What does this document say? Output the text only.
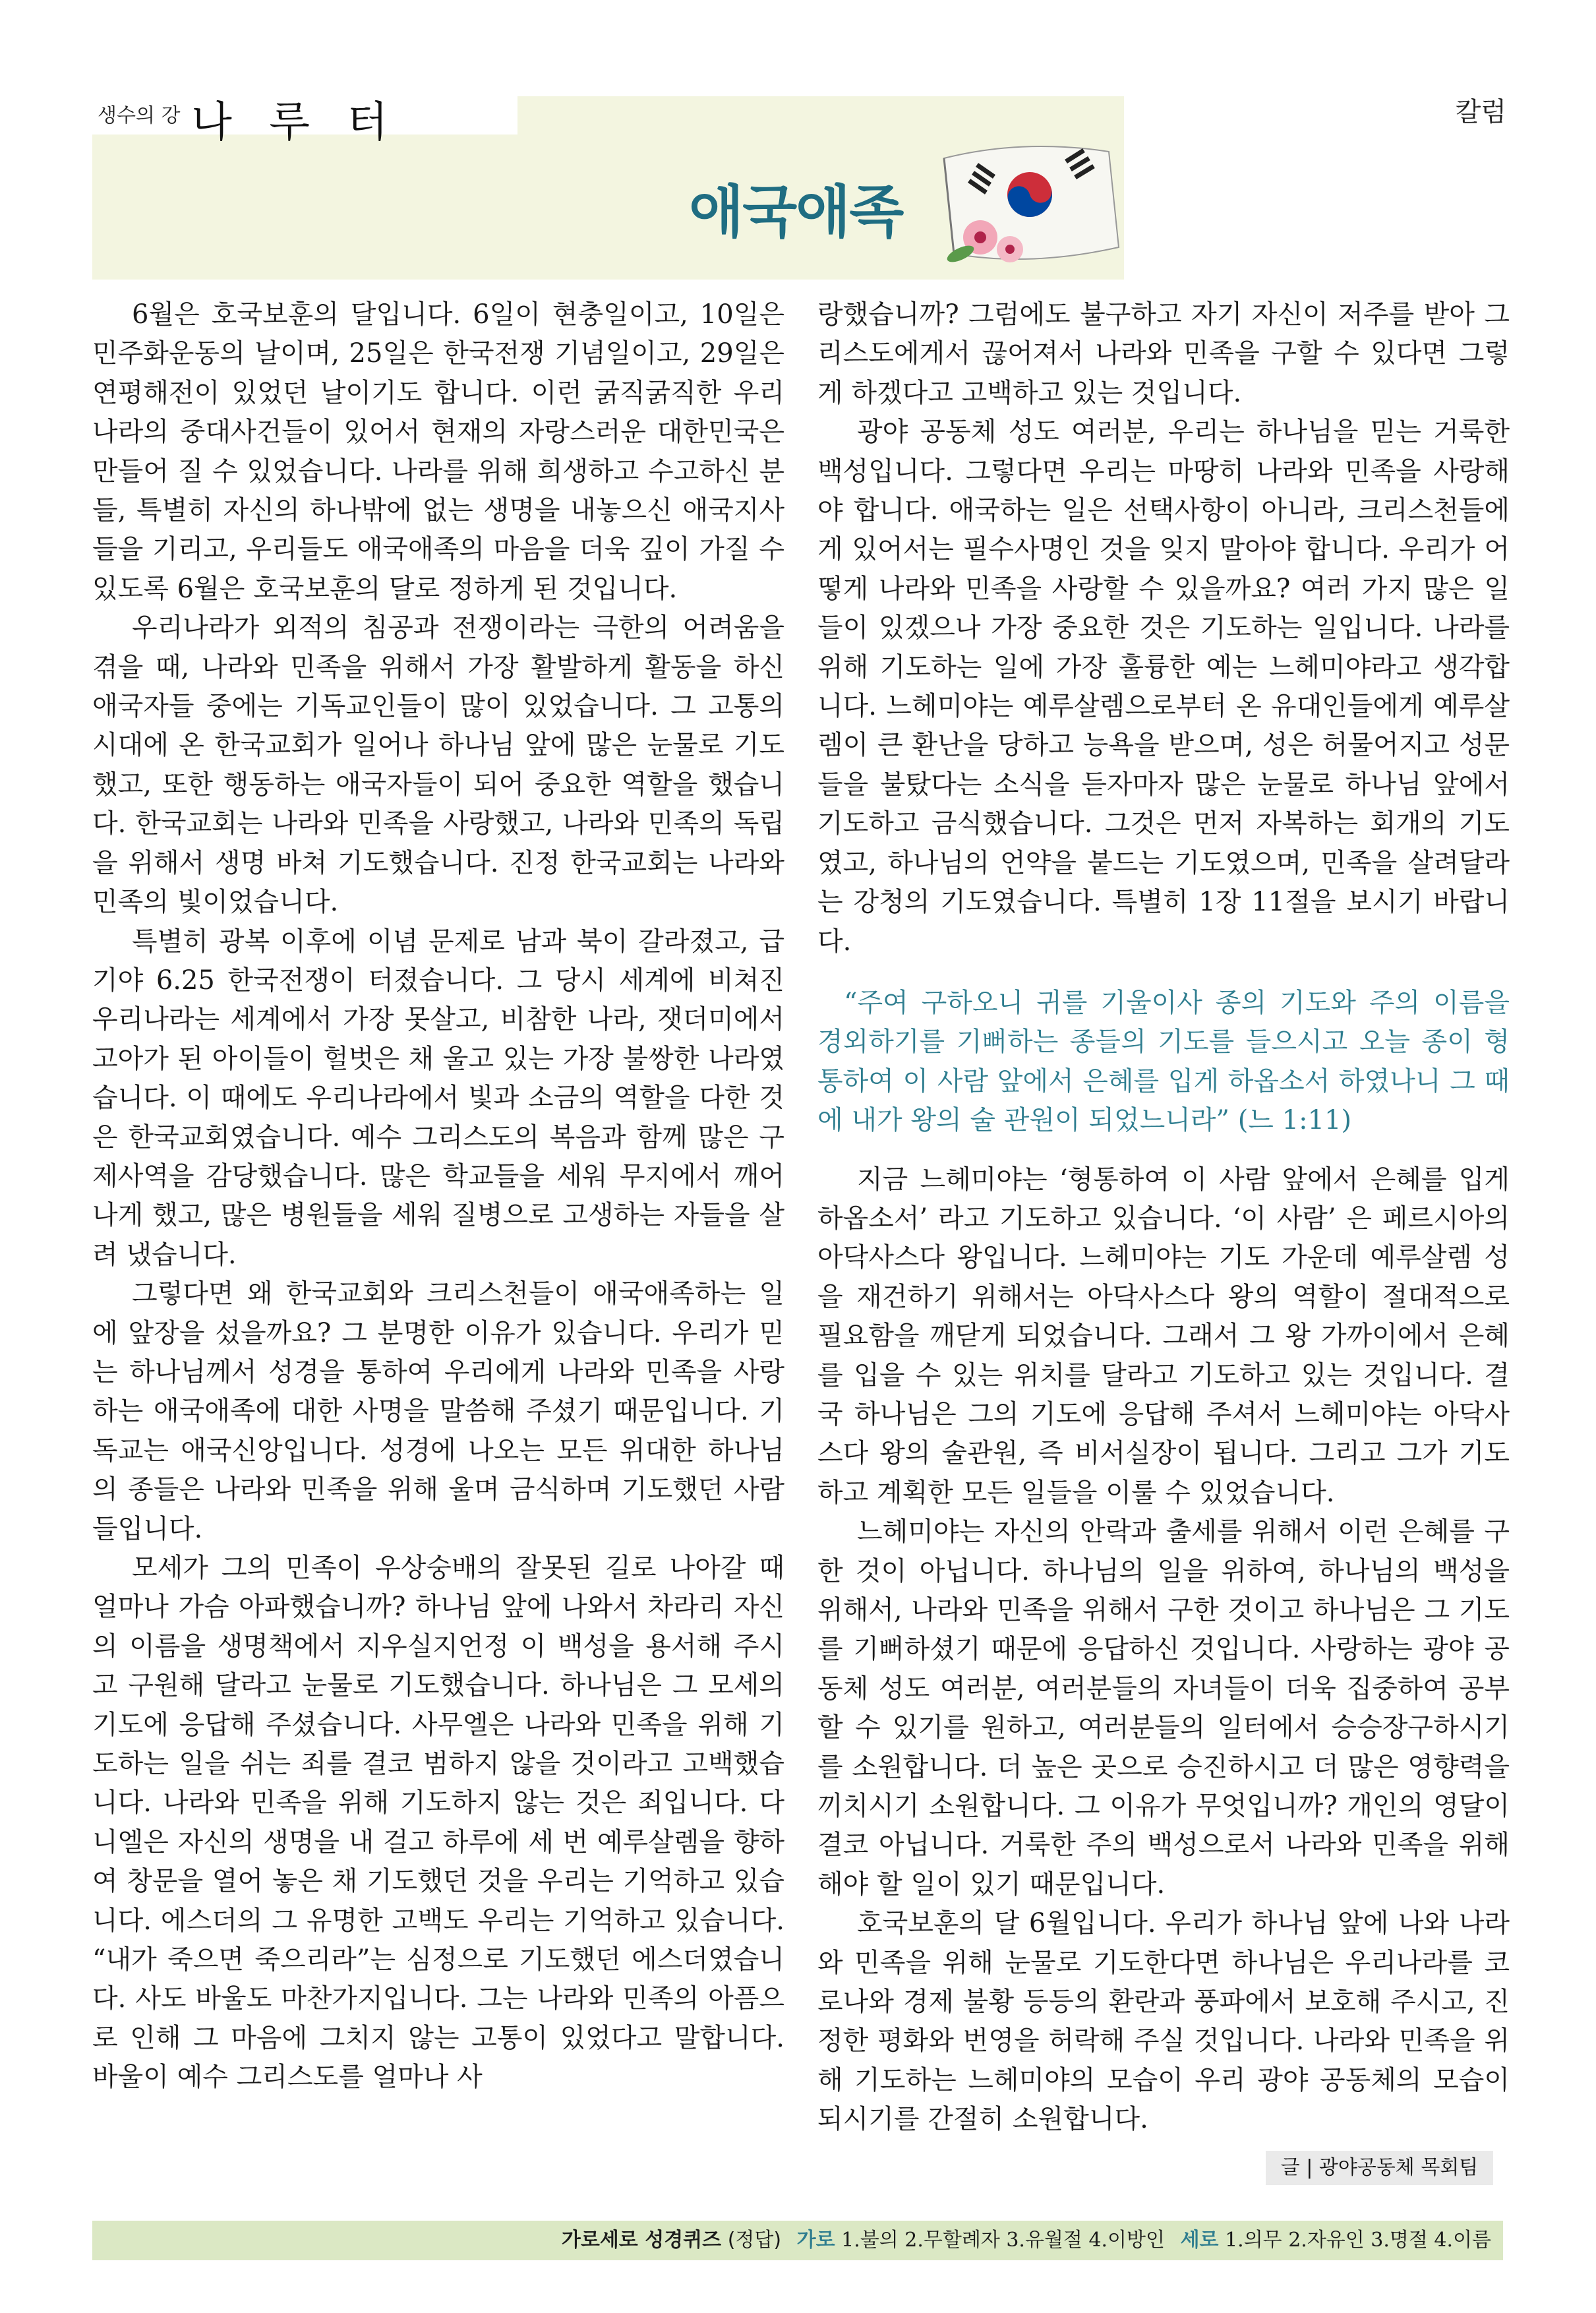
생수의 강 나 루 터	칼럼
애국애족

6월은 호국보훈의 달입니다. 6일이 현충일이고, 10일은 민주화운동의 날이며, 25일은 한국전쟁 기념일이고, 29일은 연평해전이 있었던 날이기도 합니다. 이런 굵직굵직한 우리나라의 중대사건들이 있어서 현재의 자랑스러운 대한민국은 만들어 질 수 있었습니다. 나라를 위해 희생하고 수고하신 분들, 특별히 자신의 하나밖에 없는 생명을 내놓으신 애국지사들을 기리고, 우리들도 애국애족의 마음을 더욱 깊이 가질 수 있도록 6월은 호국보훈의 달로 정하게 된 것입니다.

우리나라가 외적의 침공과 전쟁이라는 극한의 어려움을 겪을 때, 나라와 민족을 위해서 가장 활발하게 활동을 하신 애국자들 중에는 기독교인들이 많이 있었습니다. 그 고통의 시대에 온 한국교회가 일어나 하나님 앞에 많은 눈물로 기도했고, 또한 행동하는 애국자들이 되어 중요한 역할을 했습니다. 한국교회는 나라와 민족을 사랑했고, 나라와 민족의 독립을 위해서 생명 바쳐 기도했습니다. 진정 한국교회는 나라와 민족의 빛이었습니다.

특별히 광복 이후에 이념 문제로 남과 북이 갈라졌고, 급기야 6.25 한국전쟁이 터졌습니다. 그 당시 세계에 비쳐진 우리나라는 세계에서 가장 못살고, 비참한 나라, 잿더미에서 고아가 된 아이들이 헐벗은 채 울고 있는 가장 불쌍한 나라였습니다. 이 때에도 우리나라에서 빛과 소금의 역할을 다한 것은 한국교회였습니다. 예수 그리스도의 복음과 함께 많은 구제사역을 감당했습니다. 많은 학교들을 세워 무지에서 깨어나게 했고, 많은 병원들을 세워 질병으로 고생하는 자들을 살려 냈습니다.

그렇다면 왜 한국교회와 크리스천들이 애국애족하는 일에 앞장을 섰을까요? 그 분명한 이유가 있습니다. 우리가 믿는 하나님께서 성경을 통하여 우리에게 나라와 민족을 사랑하는 애국애족에 대한 사명을 말씀해 주셨기 때문입니다. 기독교는 애국신앙입니다. 성경에 나오는 모든 위대한 하나님의 종들은 나라와 민족을 위해 울며 금식하며 기도했던 사람들입니다.

모세가 그의 민족이 우상숭배의 잘못된 길로 나아갈 때 얼마나 가슴 아파했습니까? 하나님 앞에 나와서 차라리 자신의 이름을 생명책에서 지우실지언정 이 백성을 용서해 주시고 구원해 달라고 눈물로 기도했습니다. 하나님은 그 모세의 기도에 응답해 주셨습니다. 사무엘은 나라와 민족을 위해 기도하는 일을 쉬는 죄를 결코 범하지 않을 것이라고 고백했습니다. 나라와 민족을 위해 기도하지 않는 것은 죄입니다. 다니엘은 자신의 생명을 내 걸고 하루에 세 번 예루살렘을 향하여 창문을 열어 놓은 채 기도했던 것을 우리는 기억하고 있습니다. 에스더의 그 유명한 고백도 우리는 기억하고 있습니다. “내가 죽으면 죽으리라”는 심정으로 기도했던 에스더였습니다. 사도 바울도 마찬가지입니다. 그는 나라와 민족의 아픔으로 인해 그 마음에 그치지 않는 고통이 있었다고 말합니다. 바울이 예수 그리스도를 얼마나 사

랑했습니까? 그럼에도 불구하고 자기 자신이 저주를 받아 그리스도에게서 끊어져서 나라와 민족을 구할 수 있다면 그렇게 하겠다고 고백하고 있는 것입니다.

광야 공동체 성도 여러분, 우리는 하나님을 믿는 거룩한 백성입니다. 그렇다면 우리는 마땅히 나라와 민족을 사랑해야 합니다. 애국하는 일은 선택사항이 아니라, 크리스천들에게 있어서는 필수사명인 것을 잊지 말아야 합니다. 우리가 어떻게 나라와 민족을 사랑할 수 있을까요? 여러 가지 많은 일들이 있겠으나 가장 중요한 것은 기도하는 일입니다. 나라를 위해 기도하는 일에 가장 훌륭한 예는 느헤미야라고 생각합니다. 느헤미야는 예루살렘으로부터 온 유대인들에게 예루살렘이 큰 환난을 당하고 능욕을 받으며, 성은 허물어지고 성문들을 불탔다는 소식을 듣자마자 많은 눈물로 하나님 앞에서 기도하고 금식했습니다. 그것은 먼저 자복하는 회개의 기도였고, 하나님의 언약을 붙드는 기도였으며, 민족을 살려달라는 강청의 기도였습니다. 특별히 1장 11절을 보시기 바랍니다.

“주여 구하오니 귀를 기울이사 종의 기도와 주의 이름을 경외하기를 기뻐하는 종들의 기도를 들으시고 오늘 종이 형통하여 이 사람 앞에서 은혜를 입게 하옵소서 하였나니 그 때에 내가 왕의 술 관원이 되었느니라” (느 1:11)

지금 느헤미야는 ‘형통하여 이 사람 앞에서 은혜를 입게 하옵소서’ 라고 기도하고 있습니다. ‘이 사람’ 은 페르시아의 아닥사스다 왕입니다. 느헤미야는 기도 가운데 예루살렘 성을 재건하기 위해서는 아닥사스다 왕의 역할이 절대적으로 필요함을 깨닫게 되었습니다. 그래서 그 왕 가까이에서 은혜를 입을 수 있는 위치를 달라고 기도하고 있는 것입니다. 결국 하나님은 그의 기도에 응답해 주셔서 느헤미야는 아닥사스다 왕의 술관원, 즉 비서실장이 됩니다. 그리고 그가 기도하고 계획한 모든 일들을 이룰 수 있었습니다.

느헤미야는 자신의 안락과 출세를 위해서 이런 은혜를 구한 것이 아닙니다. 하나님의 일을 위하여, 하나님의 백성을 위해서, 나라와 민족을 위해서 구한 것이고 하나님은 그 기도를 기뻐하셨기 때문에 응답하신 것입니다. 사랑하는 광야 공동체 성도 여러분, 여러분들의 자녀들이 더욱 집중하여 공부할 수 있기를 원하고, 여러분들의 일터에서 승승장구하시기를 소원합니다. 더 높은 곳으로 승진하시고 더 많은 영향력을 끼치시기 소원합니다. 그 이유가 무엇입니까? 개인의 영달이 결코 아닙니다. 거룩한 주의 백성으로서 나라와 민족을 위해 해야 할 일이 있기 때문입니다.

호국보훈의 달 6월입니다. 우리가 하나님 앞에 나와 나라와 민족을 위해 눈물로 기도한다면 하나님은 우리나라를 코로나와 경제 불황 등등의 환란과 풍파에서 보호해 주시고, 진정한 평화와 번영을 허락해 주실 것입니다. 나라와 민족을 위해 기도하는 느헤미야의 모습이 우리 광야 공동체의 모습이 되시기를 간절히 소원합니다.

글 | 광야공동체 목회팀
가로세로 성경퀴즈 (정답) 가로 1.불의 2.무할례자 3.유월절 4.이방인 세로 1.의무 2.자유인 3.명절 4.이름
